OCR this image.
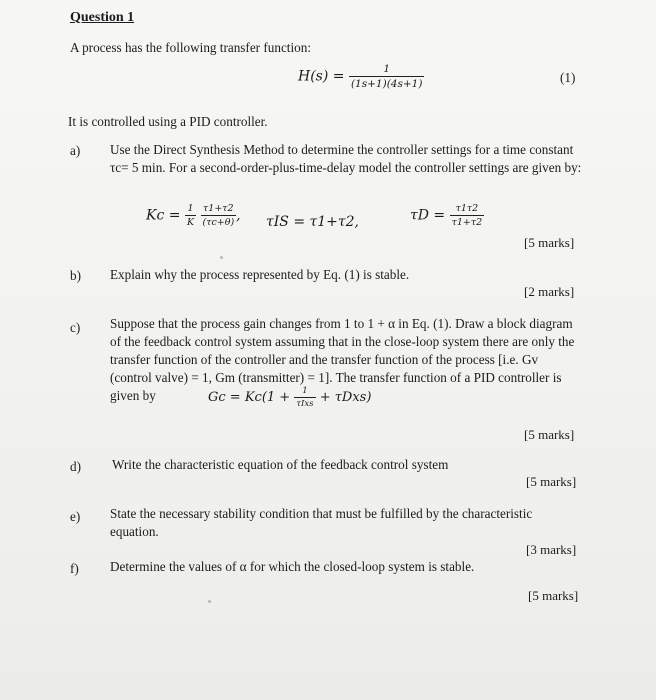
Question 1
A process has the following transfer function:
$H(s) = \frac{1}{(1s+1)(4s+1)}$	(1)
It is controlled using a PID controller.
a) Use the Direct Synthesis Method to determine the controller settings for a time constant τc= 5 min. For a second-order-plus-time-delay model the controller settings are given by:
$Kc = \frac{1}{K}$
$\frac{\tau 1+\tau 2}{(\tau c+\theta)}$ , τIS = τ1+τ2,	$\tau D = \frac{\tau 1\tau 2}{\tau 1+\tau 2}$
[5 marks]
b) Explain why the process represented by Eq. (1) is stable.
[2 marks]
c) Suppose that the process gain changes from 1 to 1 + α in Eq. (1). Draw a block diagram of the feedback control system assuming that in the close-loop system there are only the transfer function of the controller and the transfer function of the process [i.e. Gv (control valve) = 1, Gm (transmitter) = 1]. The transfer function of a PID controller is given by	$Gc = Kc(1 + \frac{1}{\text{τIxs}} + \tau Dxs)$
[5 marks]
d) Write the characteristic equation of the feedback control system
[5 marks]
e) State the necessary stability condition that must be fulfilled by the characteristic equation.
[3 marks]
f) Determine the values of α for which the closed-loop system is stable.
[5 marks]
